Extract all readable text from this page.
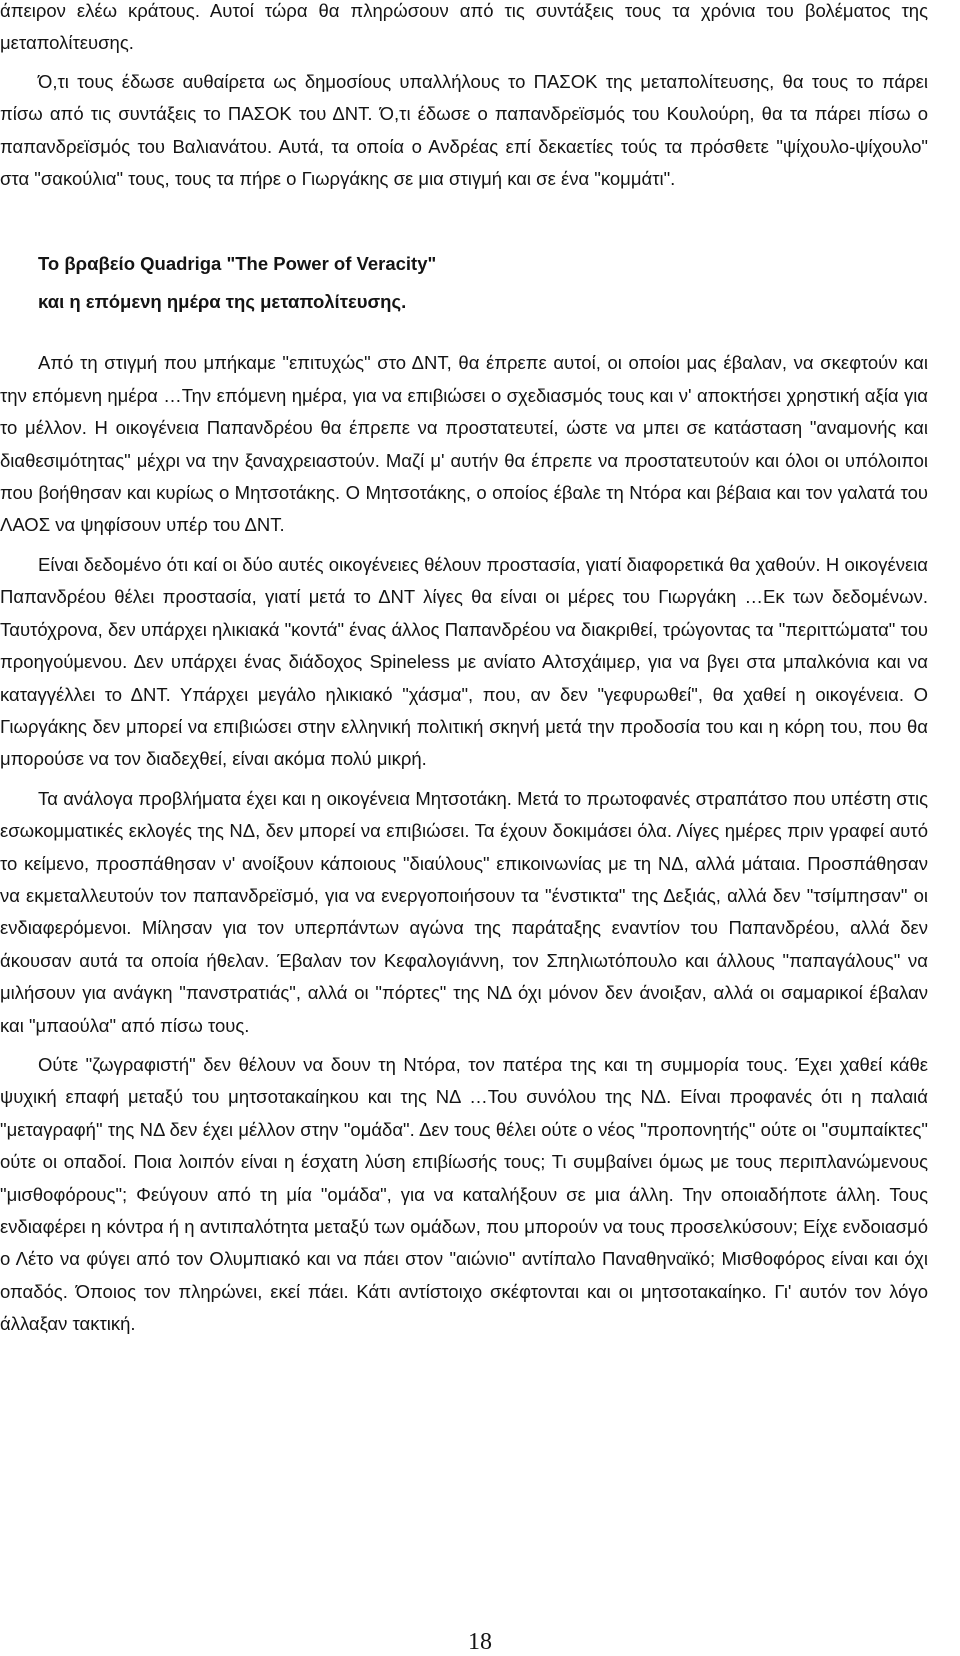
άπειρον ελέω κράτους. Αυτοί τώρα θα πληρώσουν από τις συντάξεις τους τα χρόνια του βολέματος της μεταπολίτευσης.

Ό,τι τους έδωσε αυθαίρετα ως δημοσίους υπαλλήλους το ΠΑΣΟΚ της μεταπολίτευσης, θα τους το πάρει πίσω από τις συντάξεις το ΠΑΣΟΚ του ΔΝΤ. Ό,τι έδωσε ο παπανδρεϊσμός του Κουλούρη, θα τα πάρει πίσω ο παπανδρεϊσμός του Βαλιανάτου. Αυτά, τα οποία ο Ανδρέας επί δεκαετίες τούς τα πρόσθετε "ψίχουλο-ψίχουλο" στα "σακούλια" τους, τους τα πήρε ο Γιωργάκης σε μια στιγμή και σε ένα "κομμάτι".

Το βραβείο Quadriga "The Power of Veracity"

και η επόμενη ημέρα της μεταπολίτευσης.

Από τη στιγμή που μπήκαμε "επιτυχώς" στο ΔΝΤ, θα έπρεπε αυτοί, οι οποίοι μας έβαλαν, να σκεφτούν και την επόμενη ημέρα …Την επόμενη ημέρα, για να επιβιώσει ο σχεδιασμός τους και ν' αποκτήσει χρηστική αξία για το μέλλον. Η οικογένεια Παπανδρέου θα έπρεπε να προστατευτεί, ώστε να μπει σε κατάσταση "αναμονής και διαθεσιμότητας" μέχρι να την ξαναχρειαστούν. Μαζί μ' αυτήν θα έπρεπε να προστατευτούν και όλοι οι υπόλοιποι που βοήθησαν και κυρίως ο Μητσοτάκης. Ο Μητσοτάκης, ο οποίος έβαλε τη Ντόρα και βέβαια και τον γαλατά του ΛΑΟΣ να ψηφίσουν υπέρ του ΔΝΤ.

Είναι δεδομένο ότι καί οι δύο αυτές οικογένειες θέλουν προστασία, γιατί διαφορετικά θα χαθούν. Η οικογένεια Παπανδρέου θέλει προστασία, γιατί μετά το ΔΝΤ λίγες θα είναι οι μέρες του Γιωργάκη …Εκ των δεδομένων. Ταυτόχρονα, δεν υπάρχει ηλικιακά "κοντά" ένας άλλος Παπανδρέου να διακριθεί, τρώγοντας τα "περιττώματα" του προηγούμενου. Δεν υπάρχει ένας διάδοχος Spineless με ανίατο Αλτσχάιμερ, για να βγει στα μπαλκόνια και να καταγγέλλει το ΔΝΤ. Υπάρχει μεγάλο ηλικιακό "χάσμα", που, αν δεν "γεφυρωθεί", θα χαθεί η οικογένεια. Ο Γιωργάκης δεν μπορεί να επιβιώσει στην ελληνική πολιτική σκηνή μετά την προδοσία του και η κόρη του, που θα μπορούσε να τον διαδεχθεί, είναι ακόμα πολύ μικρή.

Τα ανάλογα προβλήματα έχει και η οικογένεια Μητσοτάκη. Μετά το πρωτοφανές στραπάτσο που υπέστη στις εσωκομματικές εκλογές της ΝΔ, δεν μπορεί να επιβιώσει. Τα έχουν δοκιμάσει όλα. Λίγες ημέρες πριν γραφεί αυτό το κείμενο, προσπάθησαν ν' ανοίξουν κάποιους "διαύλους" επικοινωνίας με τη ΝΔ, αλλά μάταια. Προσπάθησαν να εκμεταλλευτούν τον παπανδρεϊσμό, για να ενεργοποιήσουν τα "ένστικτα" της Δεξιάς, αλλά δεν "τσίμπησαν" οι ενδιαφερόμενοι. Μίλησαν για τον υπερπάντων αγώνα της παράταξης εναντίον του Παπανδρέου, αλλά δεν άκουσαν αυτά τα οποία ήθελαν. Έβαλαν τον Κεφαλογιάννη, τον Σπηλιωτόπουλο και άλλους "παπαγάλους" να μιλήσουν για ανάγκη "πανστρατιάς", αλλά οι "πόρτες" της ΝΔ όχι μόνον δεν άνοιξαν, αλλά οι σαμαρικοί έβαλαν και "μπαούλα" από πίσω τους.

Ούτε "ζωγραφιστή" δεν θέλουν να δουν τη Ντόρα, τον πατέρα της και τη συμμορία τους. Έχει χαθεί κάθε ψυχική επαφή μεταξύ του μητσοτακαίηκου και της ΝΔ …Του συνόλου της ΝΔ. Είναι προφανές ότι η παλαιά "μεταγραφή" της ΝΔ δεν έχει μέλλον στην "ομάδα". Δεν τους θέλει ούτε ο νέος "προπονητής" ούτε οι "συμπαίκτες" ούτε οι οπαδοί. Ποια λοιπόν είναι η έσχατη λύση επιβίωσής τους; Τι συμβαίνει όμως με τους περιπλανώμενους "μισθοφόρους"; Φεύγουν από τη μία "ομάδα", για να καταλήξουν σε μια άλλη. Την οποιαδήποτε άλλη. Τους ενδιαφέρει η κόντρα ή η αντιπαλότητα μεταξύ των ομάδων, που μπορούν να τους προσελκύσουν; Είχε ενδοιασμό ο Λέτο να φύγει από τον Ολυμπιακό και να πάει στον "αιώνιο" αντίπαλο Παναθηναϊκό; Μισθοφόρος είναι και όχι οπαδός. Όποιος τον πληρώνει, εκεί πάει. Κάτι αντίστοιχο σκέφτονται και οι μητσοτακαίηκο. Γι' αυτόν τον λόγο άλλαξαν τακτική.

18
